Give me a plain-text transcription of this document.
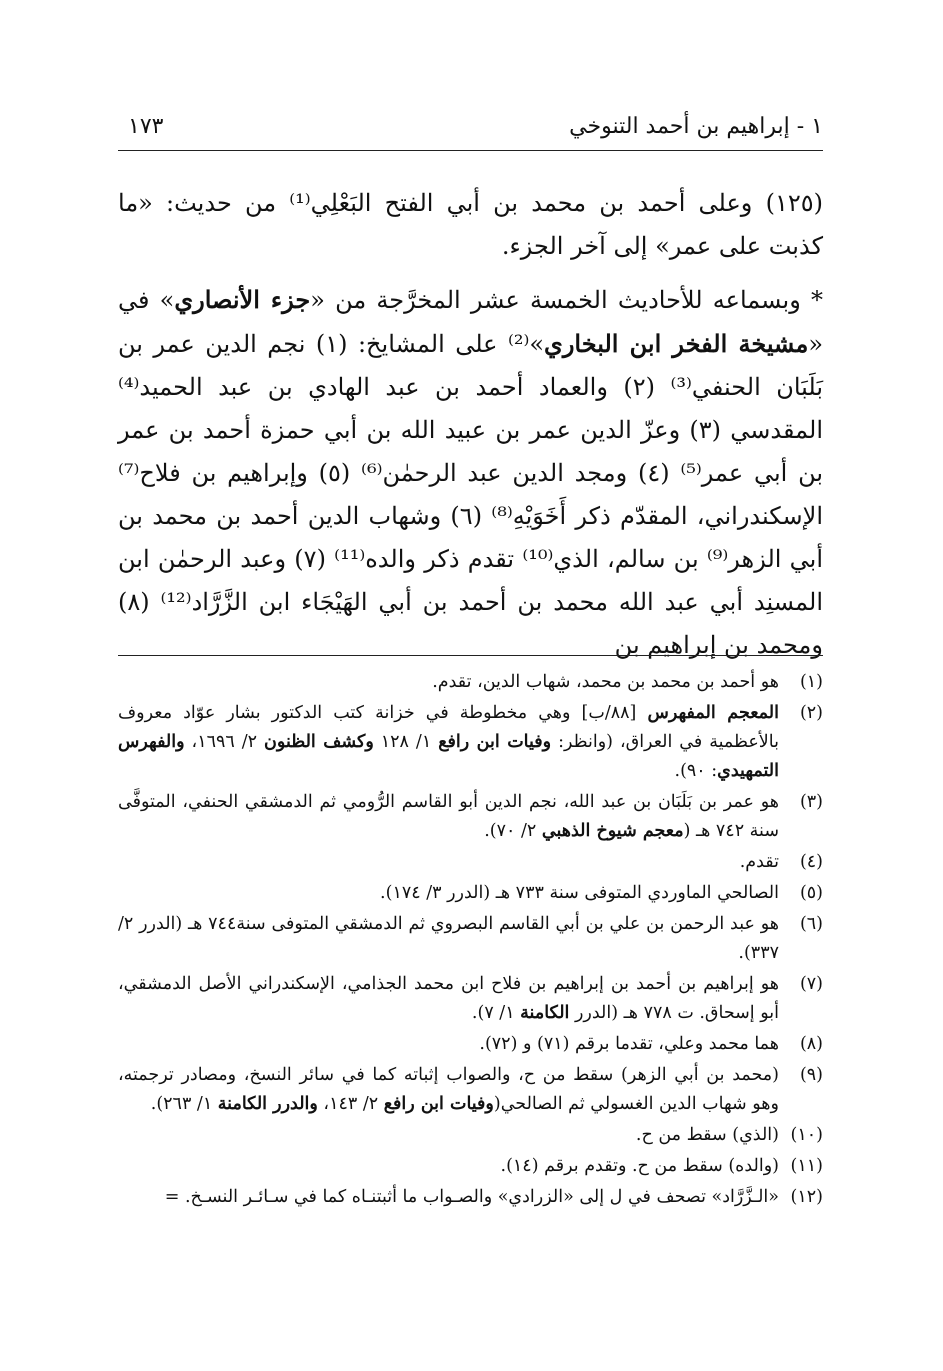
١٧٣	١ - إبراهيم بن أحمد التنوخي

(١٢٥) وعلى أحمد بن محمد بن أبي الفتح البَعْلِي⁽¹⁾ من حديث: «ما كذبت على عمر» إلى آخر الجزء.

* وبسماعه للأحاديث الخمسة عشر المخرَّجة من «جزء الأنصاري» في «مشيخة الفخر ابن البخاري»⁽²⁾ على المشايخ: (١) نجم الدين عمر بن بَلَبَان الحنفي⁽³⁾ (٢) والعماد أحمد بن عبد الهادي بن عبد الحميد⁽⁴⁾ المقدسي (٣) وعزّ الدين عمر بن عبيد الله بن أبي حمزة أحمد بن عمر بن أبي عمر⁽⁵⁾ (٤) ومجد الدين عبد الرحمٰن⁽⁶⁾ (٥) وإبراهيم بن فلاح⁽⁷⁾ الإسكندراني، المقدّم ذكر أَخَوَيْهِ⁽⁸⁾ (٦) وشهاب الدين أحمد بن محمد بن أبي الزهر⁽⁹⁾ بن سالم، الذي⁽¹⁰⁾ تقدم ذكر والده⁽¹¹⁾ (٧) وعبد الرحمٰن ابن المسنِد أبي عبد الله محمد بن أحمد بن أبي الهَيْجَاء ابن الزَّرَّاد⁽¹²⁾ (٨) ومحمد بن إبراهيم بن

(١)
هو أحمد بن محمد بن محمد، شهاب الدين، تقدم.
(٢)
المعجم المفهرس [٨٨/ب] وهي مخطوطة في خزانة كتب الدكتور بشار عوّاد معروف بالأعظمية في العراق، (وانظر: وفيات ابن رافع ١/ ١٢٨ وكشف الظنون ٢/ ١٦٩٦، والفهرس التمهيدي: ٩٠).
(٣)
هو عمر بن بَلَبَان بن عبد الله، نجم الدين أبو القاسم الرُّومي ثم الدمشقي الحنفي، المتوفَّى سنة ٧٤٢ هـ (معجم شيوخ الذهبي ٢/ ٧٠).
(٤)
تقدم.
(٥)
الصالحي الماوردي المتوفى سنة ٧٣٣ هـ (الدرر ٣/ ١٧٤).
(٦)
هو عبد الرحمن بن علي بن أبي القاسم البصروي ثم الدمشقي المتوفى سنة٧٤٤ هـ (الدرر ٢/ ٣٣٧).
(٧)
هو إبراهيم بن أحمد بن إبراهيم بن فلاح ابن محمد الجذامي، الإسكندراني الأصل الدمشقي، أبو إسحاق. ت ٧٧٨ هـ (الدرر الكامنة ١/ ٧).
(٨)
هما محمد وعلي، تقدما برقم (٧١) و (٧٢).
(٩)
(محمد بن أبي الزهر) سقط من ح، والصواب إثباته كما في سائر النسخ، ومصادر ترجمته، وهو شهاب الدين الغسولي ثم الصالحي(وفيات ابن رافع ٢/ ١٤٣، والدرر الكامنة ١/ ٢٦٣).
(١٠)
(الذي) سقط من ح.
(١١)
(والده) سقط من ح. وتقدم برقم (١٤).
(١٢)
«الـزَّرَّاد» تصحف في ل إلى «الزرادي» والصـواب ما أثبتنـاه كما في سـائـر النسـخ. =
